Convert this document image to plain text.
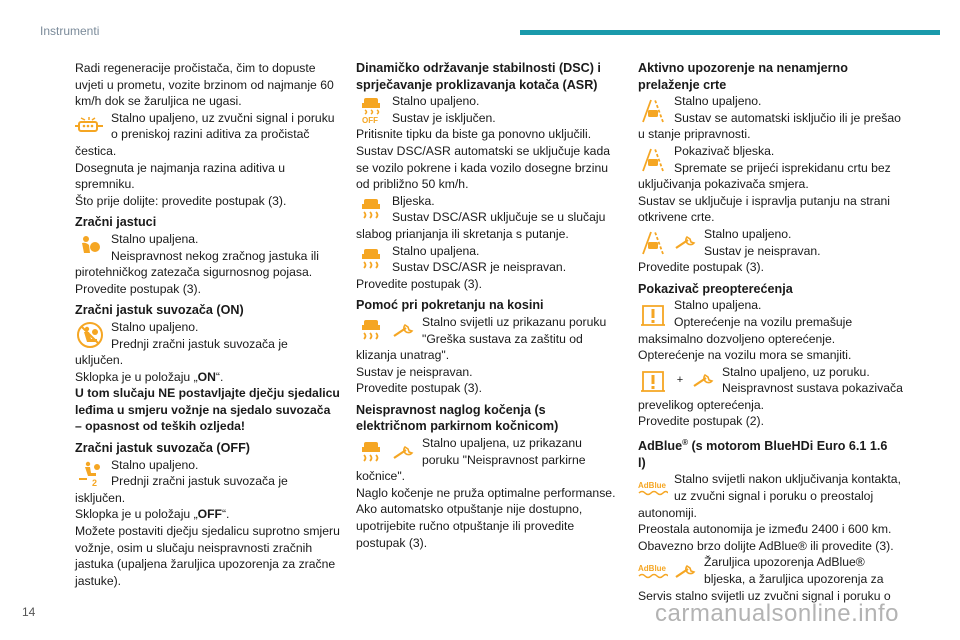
Instrumenti
Radi regeneracije pročistača, čim to dopuste
uvjeti u prometu, vozite brzinom od najmanje 60
km/h dok se žaruljica ne ugasi.
Stalno upaljeno, uz zvučni signal i poruku
o preniskoj razini aditiva za pročistač
čestica.
Dosegnuta je najmanja razina aditiva u
spremniku.
Što prije dolijte: provedite postupak (3).
Zračni jastuci
Stalno upaljena.
Neispravnost nekog zračnog jastuka ili
pirotehničkog zatezača sigurnosnog pojasa.
Provedite postupak (3).
Zračni jastuk suvozača (ON)
Stalno upaljeno.
Prednji zračni jastuk suvozača je
uključen.
Sklopka je u položaju „ON“.
U tom slučaju NE postavljajte dječju sjedalicu
leđima u smjeru vožnje na sjedalo suvozača
– opasnost od teških ozljeda!
Zračni jastuk suvozača (OFF)
2
Stalno upaljeno.
Prednji zračni jastuk suvozača je
isključen.
Sklopka je u položaju „OFF“.
Možete postaviti dječju sjedalicu suprotno smjeru
vožnje, osim u slučaju neispravnosti zračnih
jastuka (upaljena žaruljica upozorenja za zračne
jastuke).
Dinamičko održavanje stabilnosti (DSC) i
sprječavanje proklizavanja kotača (ASR)
OFF
Stalno upaljeno.
Sustav je isključen.
Pritisnite tipku da biste ga ponovno uključili.
Sustav DSC/ASR automatski se uključuje kada
se vozilo pokrene i kada vozilo dosegne brzinu
od približno 50 km/h.
Bljeska.
Sustav DSC/ASR uključuje se u slučaju
slabog prianjanja ili skretanja s putanje.
Stalno upaljena.
Sustav DSC/ASR je neispravan.
Provedite postupak (3).
Pomoć pri pokretanju na kosini
Stalno svijetli uz prikazanu poruku
"Greška sustava za zaštitu od
klizanja unatrag".
Sustav je neispravan.
Provedite postupak (3).
Neispravnost naglog kočenja (s
električnom parkirnom kočnicom)
Stalno upaljena, uz prikazanu
poruku "Neispravnost parkirne
kočnice".
Naglo kočenje ne pruža optimalne performanse.
Ako automatsko otpuštanje nije dostupno,
upotrijebite ručno otpuštanje ili provedite
postupak (3).
Aktivno upozorenje na nenamjerno
prelaženje crte
Stalno upaljeno.
Sustav se automatski isključio ili je prešao
u stanje pripravnosti.
Pokazivač bljeska.
Spremate se prijeći isprekidanu crtu bez
uključivanja pokazivača smjera.
Sustav se uključuje i ispravlja putanju na strani
otkrivene crte.
Stalno upaljeno.
Sustav je neispravan.
Provedite postupak (3).
Pokazivač preopterećenja
Stalno upaljena.
Opterećenje na vozilu premašuje
maksimalno dozvoljeno opterećenje.
Opterećenje na vozilu mora se smanjiti.
+
Stalno upaljeno, uz poruku.
Neispravnost sustava pokazivača
prevelikog opterećenja.
Provedite postupak (2).
AdBlue® (s motorom BlueHDi Euro 6.1 1.6
l)
AdBlue Stalno svijetli nakon uključivanja kontakta,
uz zvučni signal i poruku o preostaloj
autonomiji.
Preostala autonomija je između 2400 i 600 km.
Obavezno brzo dolijte AdBlue® ili provedite (3).
AdBlue	Žaruljica upozorenja AdBlue®
bljeska, a žaruljica upozorenja za
Servis stalno svijetli uz zvučni signal i poruku o
14	carmanualsonline.info
